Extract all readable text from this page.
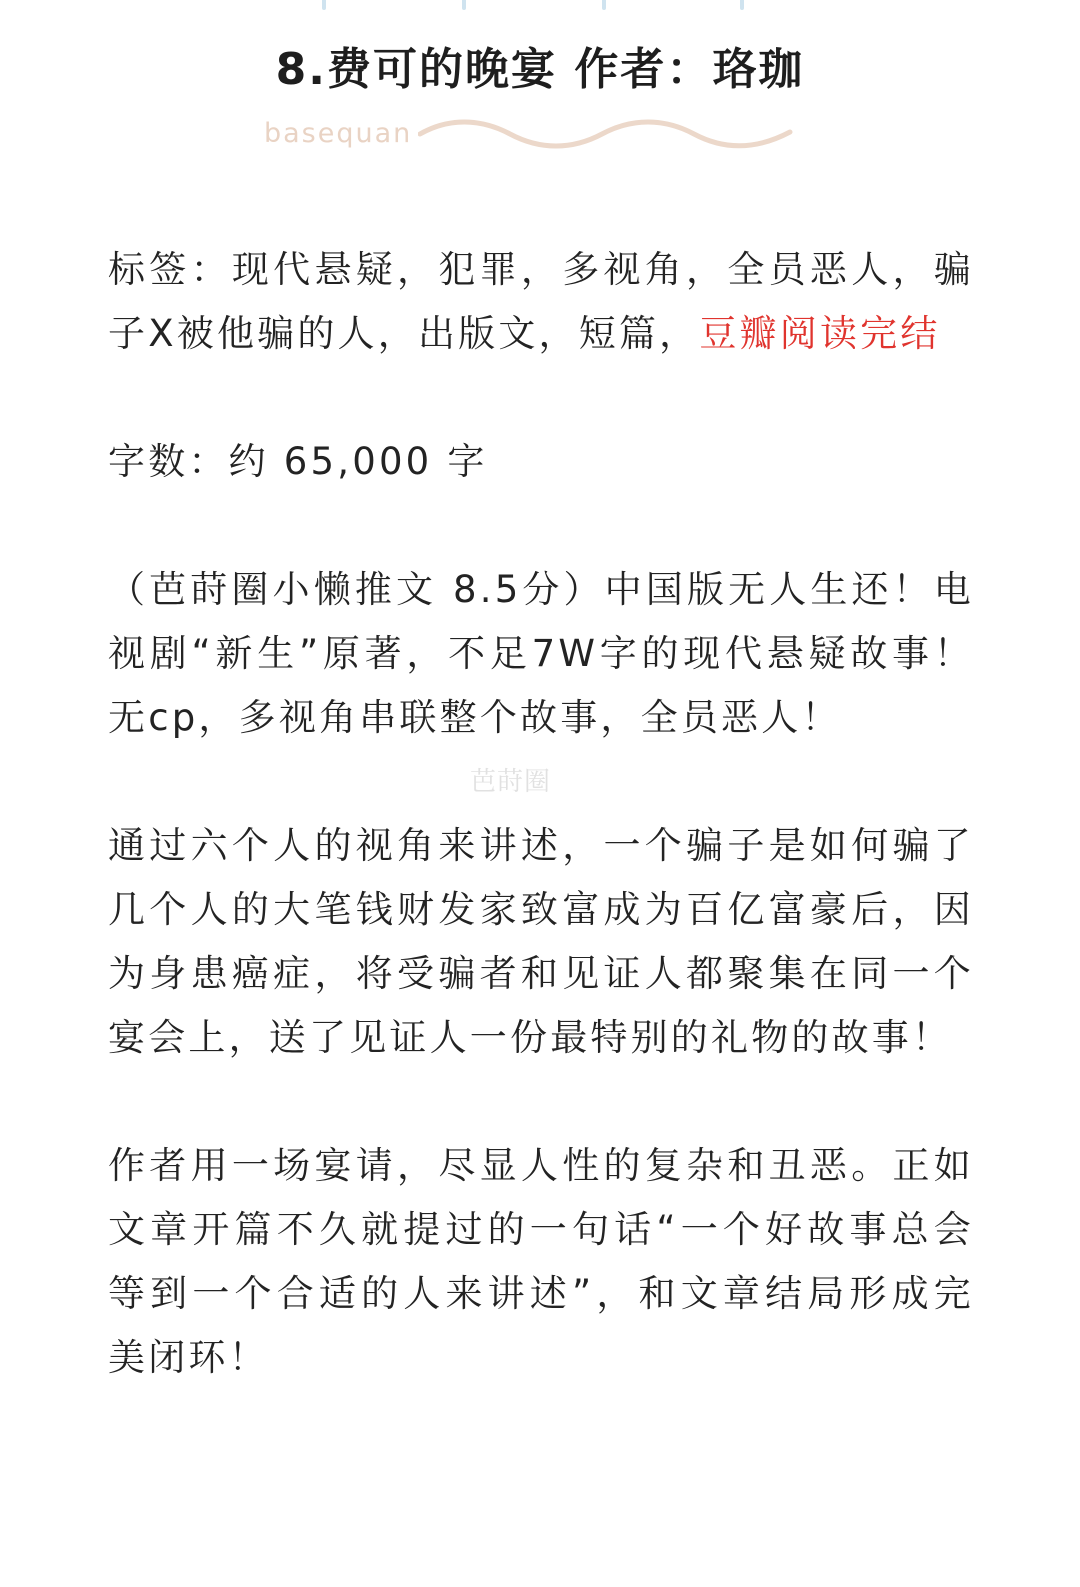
8.费可的晚宴 作者：珞珈
basequan

标签：现代悬疑，犯罪，多视角，全员恶人，骗子X被他骗的人，出版文，短篇，豆瓣阅读完结

字数：约 65,000 字

（芭莳圈小懒推文 8.5分）中国版无人生还！电视剧“新生”原著，不足7W字的现代悬疑故事！无cp，多视角串联整个故事，全员恶人！

通过六个人的视角来讲述，一个骗子是如何骗了几个人的大笔钱财发家致富成为百亿富豪后，因为身患癌症，将受骗者和见证人都聚集在同一个宴会上，送了见证人一份最特别的礼物的故事！

作者用一场宴请，尽显人性的复杂和丑恶。正如文章开篇不久就提过的一句话“一个好故事总会等到一个合适的人来讲述”，和文章结局形成完美闭环！

芭莳圈
